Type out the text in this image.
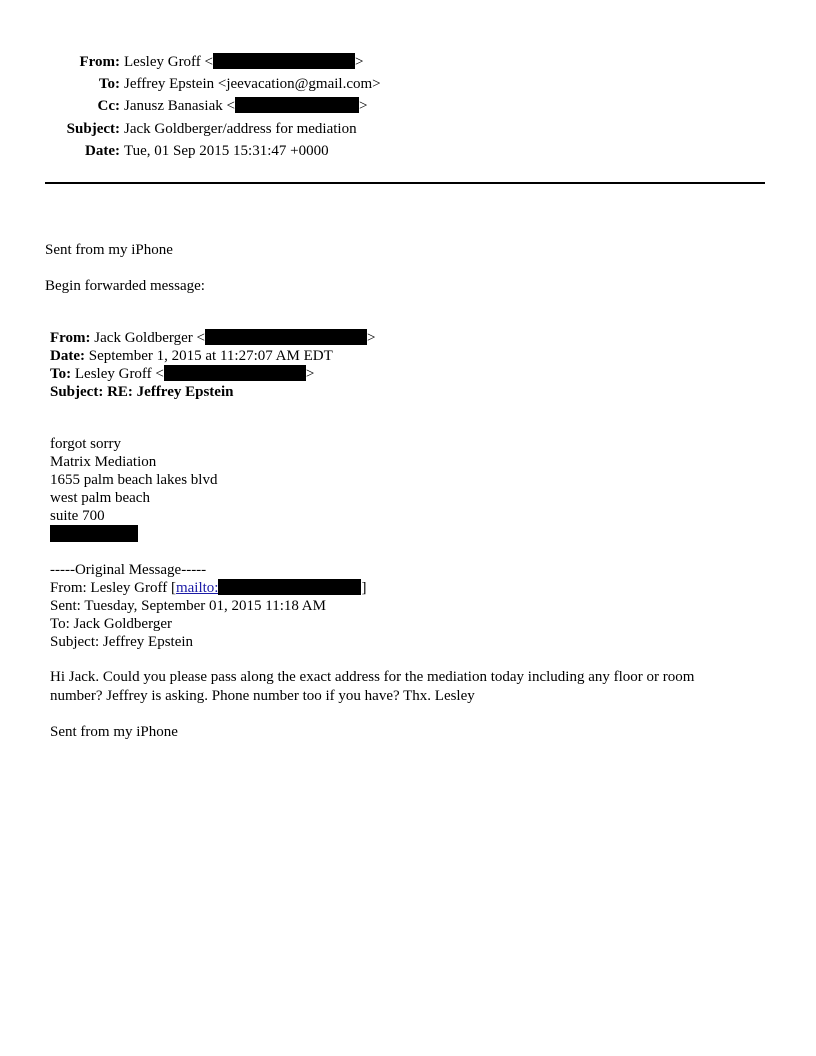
From: Lesley Groff <	>
To: Jeffrey Epstein <jeevacation@gmail.com>
Cc: Janusz Banasiak <	>
Subject: Jack Goldberger/address for mediation
Date: Tue, 01 Sep 2015 15:31:47 +0000
Sent from my iPhone
Begin forwarded message:
From: Jack Goldberger <	>
Date: September 1, 2015 at 11:27:07 AM EDT
To: Lesley Groff <	>
Subject: RE: Jeffrey Epstein
forgot sorry
Matrix Mediation
1655 palm beach lakes blvd
west palm beach
suite 700
-----Original Message-----
From: Lesley Groff [mailto:	]
Sent: Tuesday, September 01, 2015 11:18 AM
To: Jack Goldberger
Subject: Jeffrey Epstein
Hi Jack. Could you please pass along the exact address for the mediation today including any floor or room number? Jeffrey is asking. Phone number too if you have? Thx. Lesley
Sent from my iPhone
